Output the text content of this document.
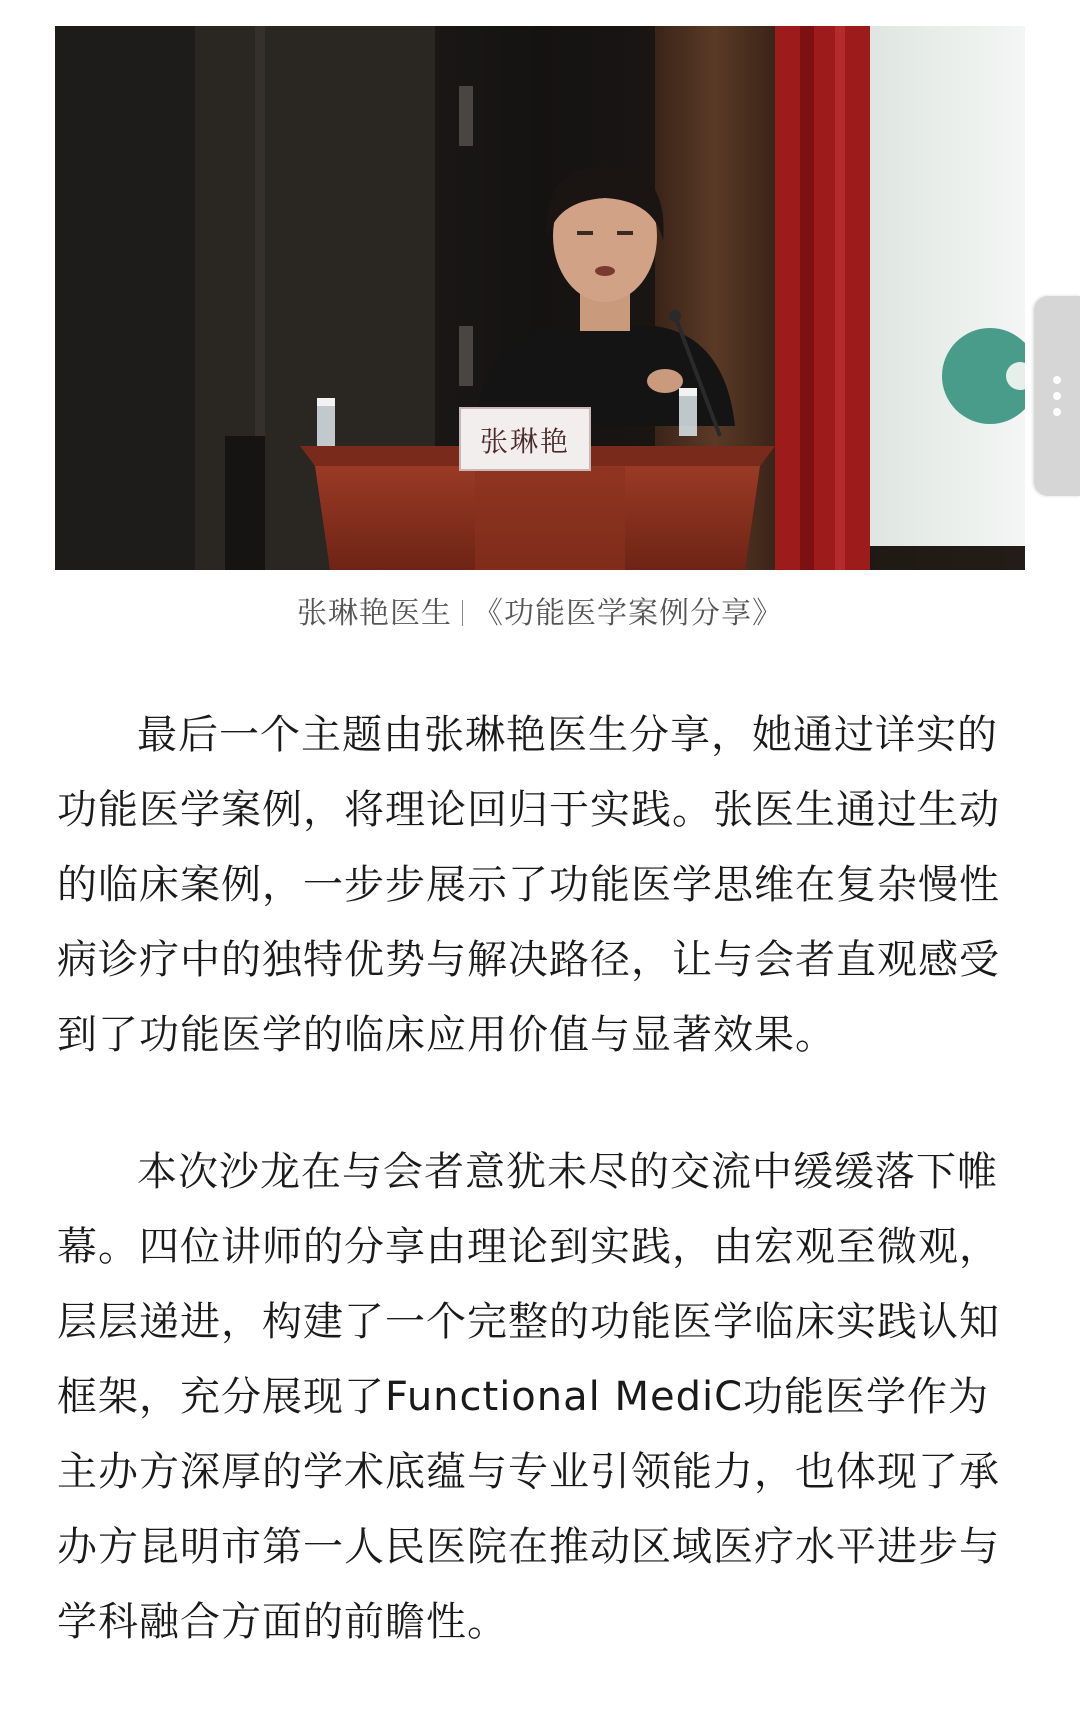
张琳艳
张琳艳医生 《功能医学案例分享》

最后一个主题由张琳艳医生分享，她通过详实的功能医学案例，将理论回归于实践。张医生通过生动的临床案例，一步步展示了功能医学思维在复杂慢性病诊疗中的独特优势与解决路径，让与会者直观感受到了功能医学的临床应用价值与显著效果。

本次沙龙在与会者意犹未尽的交流中缓缓落下帷幕。四位讲师的分享由理论到实践，由宏观至微观，层层递进，构建了一个完整的功能医学临床实践认知框架，充分展现了Functional MediC功能医学作为主办方深厚的学术底蕴与专业引领能力，也体现了承办方昆明市第一人民医院在推动区域医疗水平进步与学科融合方面的前瞻性。
